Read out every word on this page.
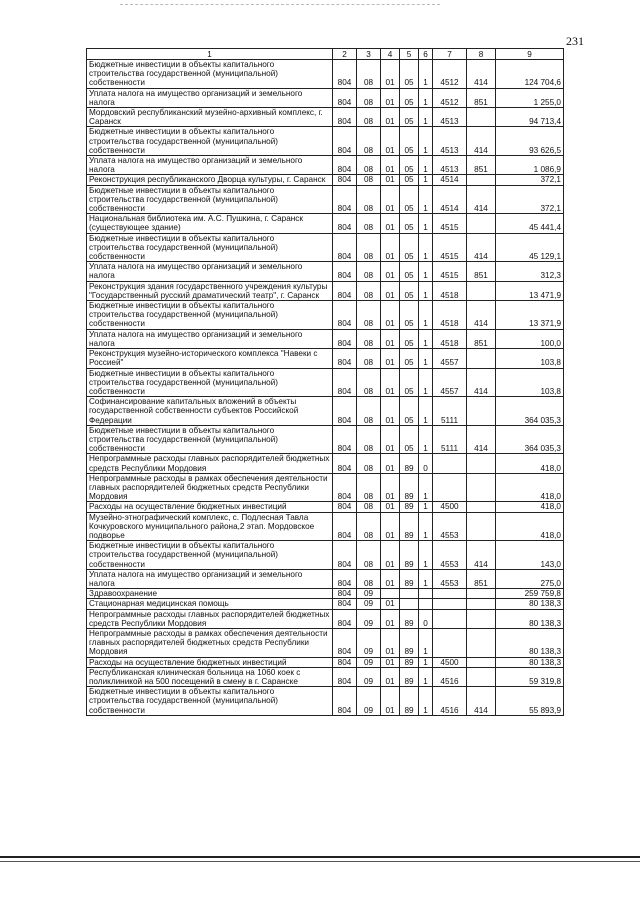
231
1	2	3	4	5	6	7	8	9
Бюджетные инвестиции в объекты капитального строительства государственной (муниципальной) собственности	804	08	01	05	1	4512	414	124 704,6
Уплата налога на имущество организаций и земельного налога	804	08	01	05	1	4512	851	1 255,0
Мордовский республиканский музейно-архивный комплекс, г. Саранск	804	08	01	05	1	4513		94 713,4
Бюджетные инвестиции в объекты капитального строительства государственной (муниципальной) собственности	804	08	01	05	1	4513	414	93 626,5
Уплата налога на имущество организаций и земельного налога	804	08	01	05	1	4513	851	1 086,9
Реконструкция республиканского Дворца культуры, г. Саранск	804	08	01	05	1	4514		372,1
Бюджетные инвестиции в объекты капитального строительства государственной (муниципальной) собственности	804	08	01	05	1	4514	414	372,1
Национальная библиотека им. А.С. Пушкина, г. Саранск (существующее здание)	804	08	01	05	1	4515		45 441,4
Бюджетные инвестиции в объекты капитального строительства государственной (муниципальной) собственности	804	08	01	05	1	4515	414	45 129,1
Уплата налога на имущество организаций и земельного налога	804	08	01	05	1	4515	851	312,3
Реконструкция здания государственного учреждения культуры "Государственный русский драматический театр", г. Саранск	804	08	01	05	1	4518		13 471,9
Бюджетные инвестиции в объекты капитального строительства государственной (муниципальной) собственности	804	08	01	05	1	4518	414	13 371,9
Уплата налога на имущество организаций и земельного налога	804	08	01	05	1	4518	851	100,0
Реконструкция музейно-исторического комплекса "Навеки с Россией"	804	08	01	05	1	4557		103,8
Бюджетные инвестиции в объекты капитального строительства государственной (муниципальной) собственности	804	08	01	05	1	4557	414	103,8
Софинансирование капитальных вложений в объекты государственной собственности субъектов Российской Федерации	804	08	01	05	1	5111		364 035,3
Бюджетные инвестиции в объекты капитального строительства государственной (муниципальной) собственности	804	08	01	05	1	5111	414	364 035,3
Непрограммные расходы главных распорядителей бюджетных средств Республики Мордовия	804	08	01	89	0			418,0
Непрограммные расходы в рамках обеспечения деятельности главных распорядителей бюджетных средств Республики Мордовия	804	08	01	89	1			418,0
Расходы на осуществление бюджетных инвестиций	804	08	01	89	1	4500		418,0
Музейно-этнографический комплекс, с. Подлесная Тавла Кочкуровского муниципального района,2 этап. Мордовское подворье	804	08	01	89	1	4553		418,0
Бюджетные инвестиции в объекты капитального строительства государственной (муниципальной) собственности	804	08	01	89	1	4553	414	143,0
Уплата налога на имущество организаций и земельного налога	804	08	01	89	1	4553	851	275,0
Здравоохранение	804	09						259 759,8
Стационарная медицинская помощь	804	09	01					80 138,3
Непрограммные расходы главных распорядителей бюджетных средств Республики Мордовия	804	09	01	89	0			80 138,3
Непрограммные расходы в рамках обеспечения деятельности главных распорядителей бюджетных средств Республики Мордовия	804	09	01	89	1			80 138,3
Расходы на осуществление бюджетных инвестиций	804	09	01	89	1	4500		80 138,3
Республиканская клиническая больница на 1060 коек с поликлиникой на 500 посещений в смену в г. Саранске	804	09	01	89	1	4516		59 319,8
Бюджетные инвестиции в объекты капитального строительства государственной (муниципальной) собственности	804	09	01	89	1	4516	414	55 893,9
